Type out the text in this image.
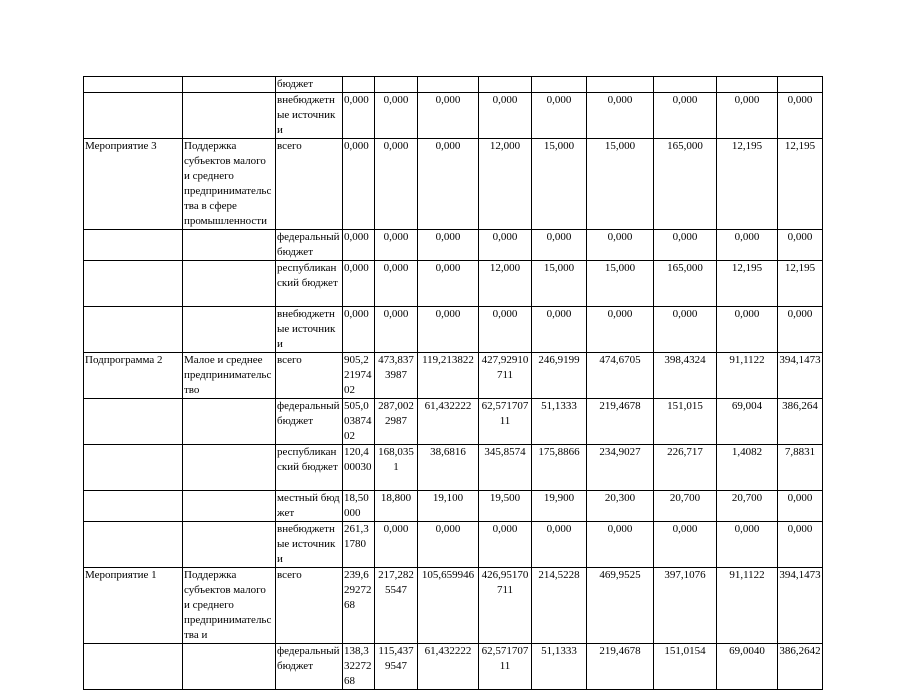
		бюджет									
		внебюджетные источники	0,000	0,000	0,000	0,000	0,000	0,000	0,000	0,000	0,000
Мероприятие 3	Поддержка субъектов малого и среднего предпринимательства в сфере промышленности	всего	0,000	0,000	0,000	12,000	15,000	15,000	165,000	12,195	12,195
		федеральный бюджет	0,000	0,000	0,000	0,000	0,000	0,000	0,000	0,000	0,000
		республиканский бюджет	0,000	0,000	0,000	12,000	15,000	15,000	165,000	12,195	12,195
		внебюджетные источники	0,000	0,000	0,000	0,000	0,000	0,000	0,000	0,000	0,000
Подпрограмма 2	Малое и среднее предпринимательство	всего	905,22197402	473,8373987	119,213822	427,92910711	246,9199	474,6705	398,4324	91,1122	394,1473
		федеральный бюджет	505,00387402	287,0022987	61,432222	62,57170711	51,1333	219,4678	151,015	69,004	386,264
		республиканский бюджет	120,400030	168,0351	38,6816	345,8574	175,8866	234,9027	226,717	1,4082	7,8831
		местный бюджет	18,50000	18,800	19,100	19,500	19,900	20,300	20,700	20,700	0,000
		внебюджетные источники	261,31780	0,000	0,000	0,000	0,000	0,000	0,000	0,000	0,000
Мероприятие 1	Поддержка субъектов малого и среднего предпринимательства и	всего	239,62927268	217,2825547	105,659946	426,95170711	214,5228	469,9525	397,1076	91,1122	394,1473
		федеральный бюджет	138,33227268	115,4379547	61,432222	62,57170711	51,1333	219,4678	151,0154	69,0040	386,2642
